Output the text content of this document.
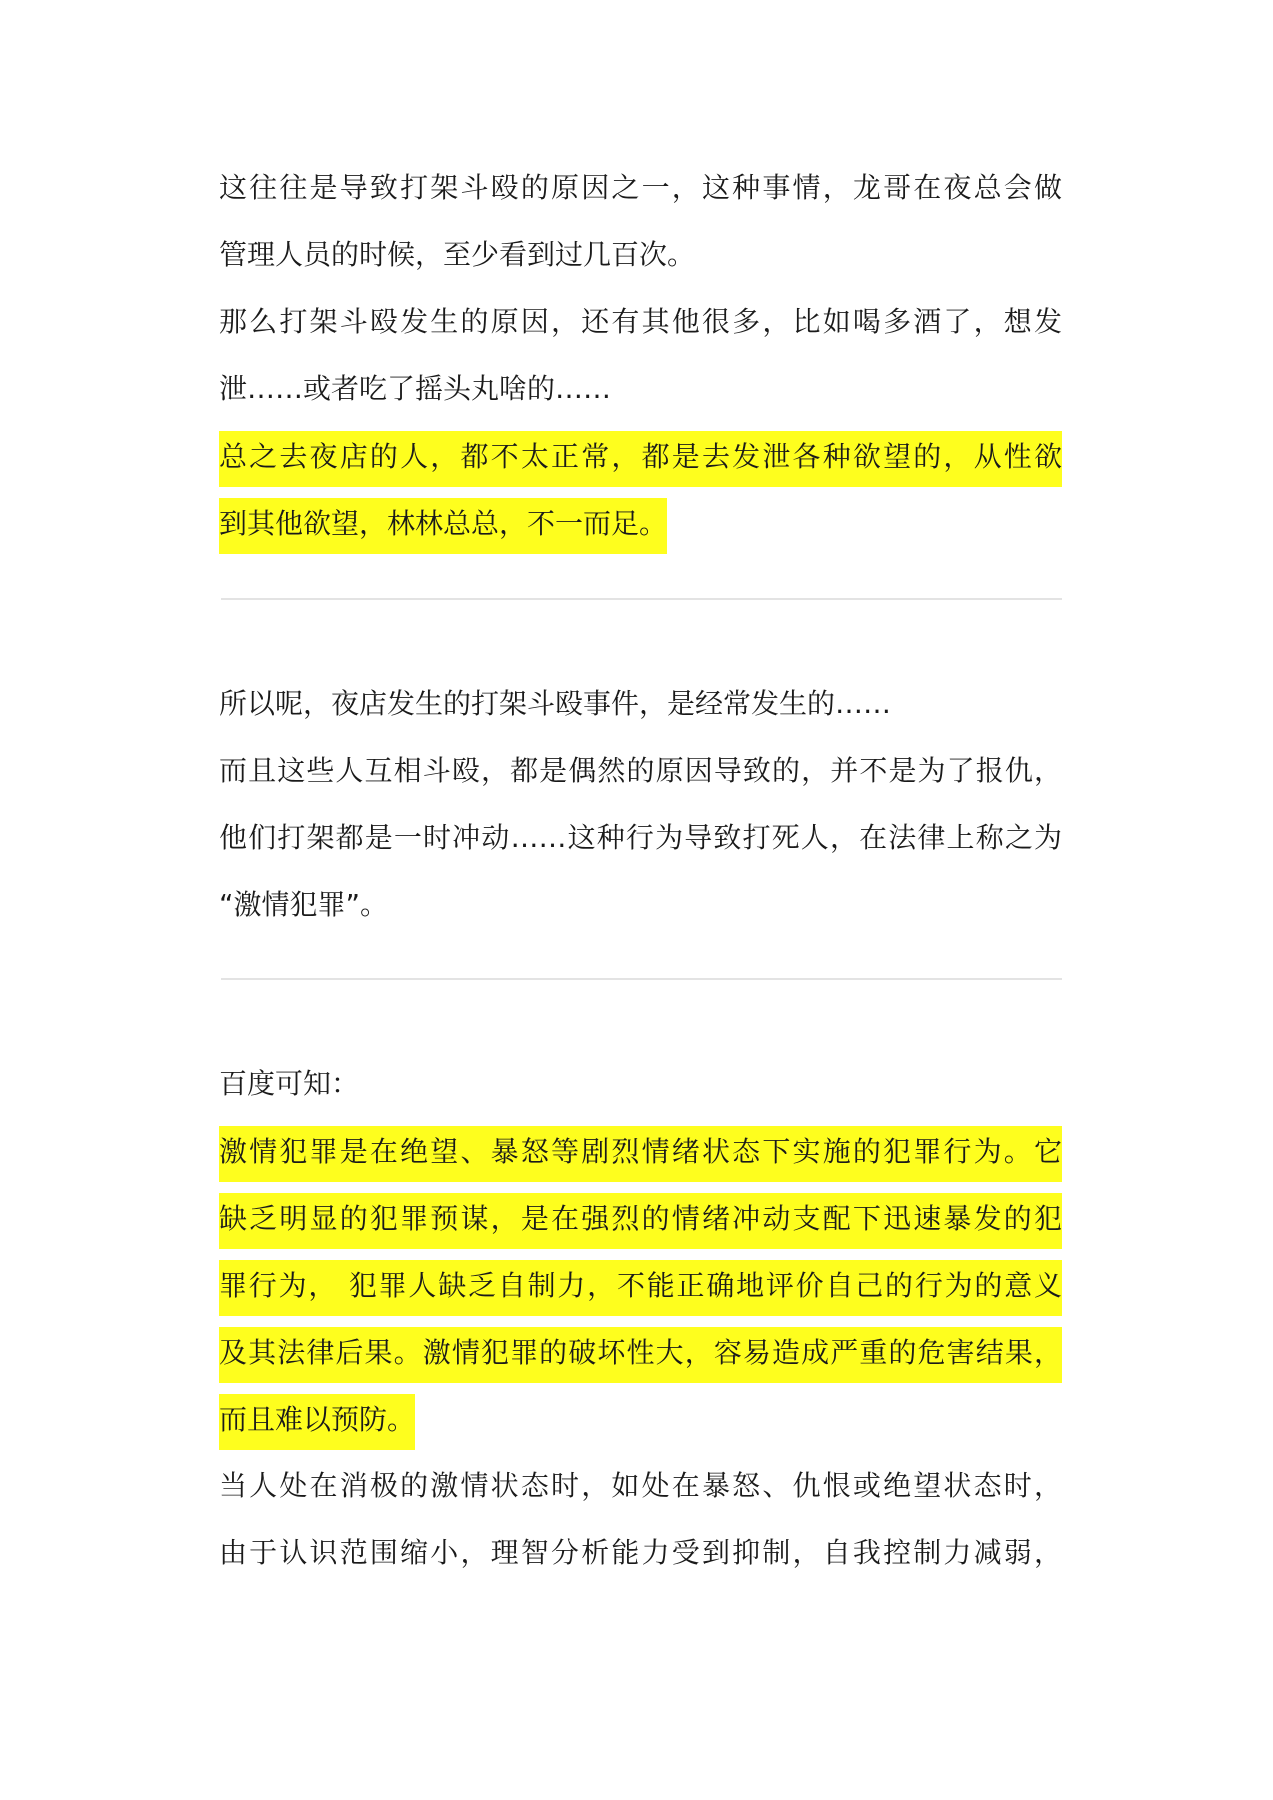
这往往是导致打架斗殴的原因之一，这种事情，龙哥在夜总会做
管理人员的时候，至少看到过几百次。
那么打架斗殴发生的原因，还有其他很多，比如喝多酒了，想发
泄……或者吃了摇头丸啥的……
总之去夜店的人，都不太正常，都是去发泄各种欲望的，从性欲
到其他欲望，林林总总，不一而足。
所以呢，夜店发生的打架斗殴事件，是经常发生的……
而且这些人互相斗殴，都是偶然的原因导致的，并不是为了报仇，
他们打架都是一时冲动……这种行为导致打死人，在法律上称之为
“激情犯罪”。
百度可知：
激情犯罪是在绝望、暴怒等剧烈情绪状态下实施的犯罪行为。它
缺乏明显的犯罪预谋，是在强烈的情绪冲动支配下迅速暴发的犯
罪行为， 犯罪人缺乏自制力，不能正确地评价自己的行为的意义
及其法律后果。激情犯罪的破坏性大，容易造成严重的危害结果，
而且难以预防。
当人处在消极的激情状态时，如处在暴怒、仇恨或绝望状态时，
由于认识范围缩小，理智分析能力受到抑制，自我控制力减弱，
